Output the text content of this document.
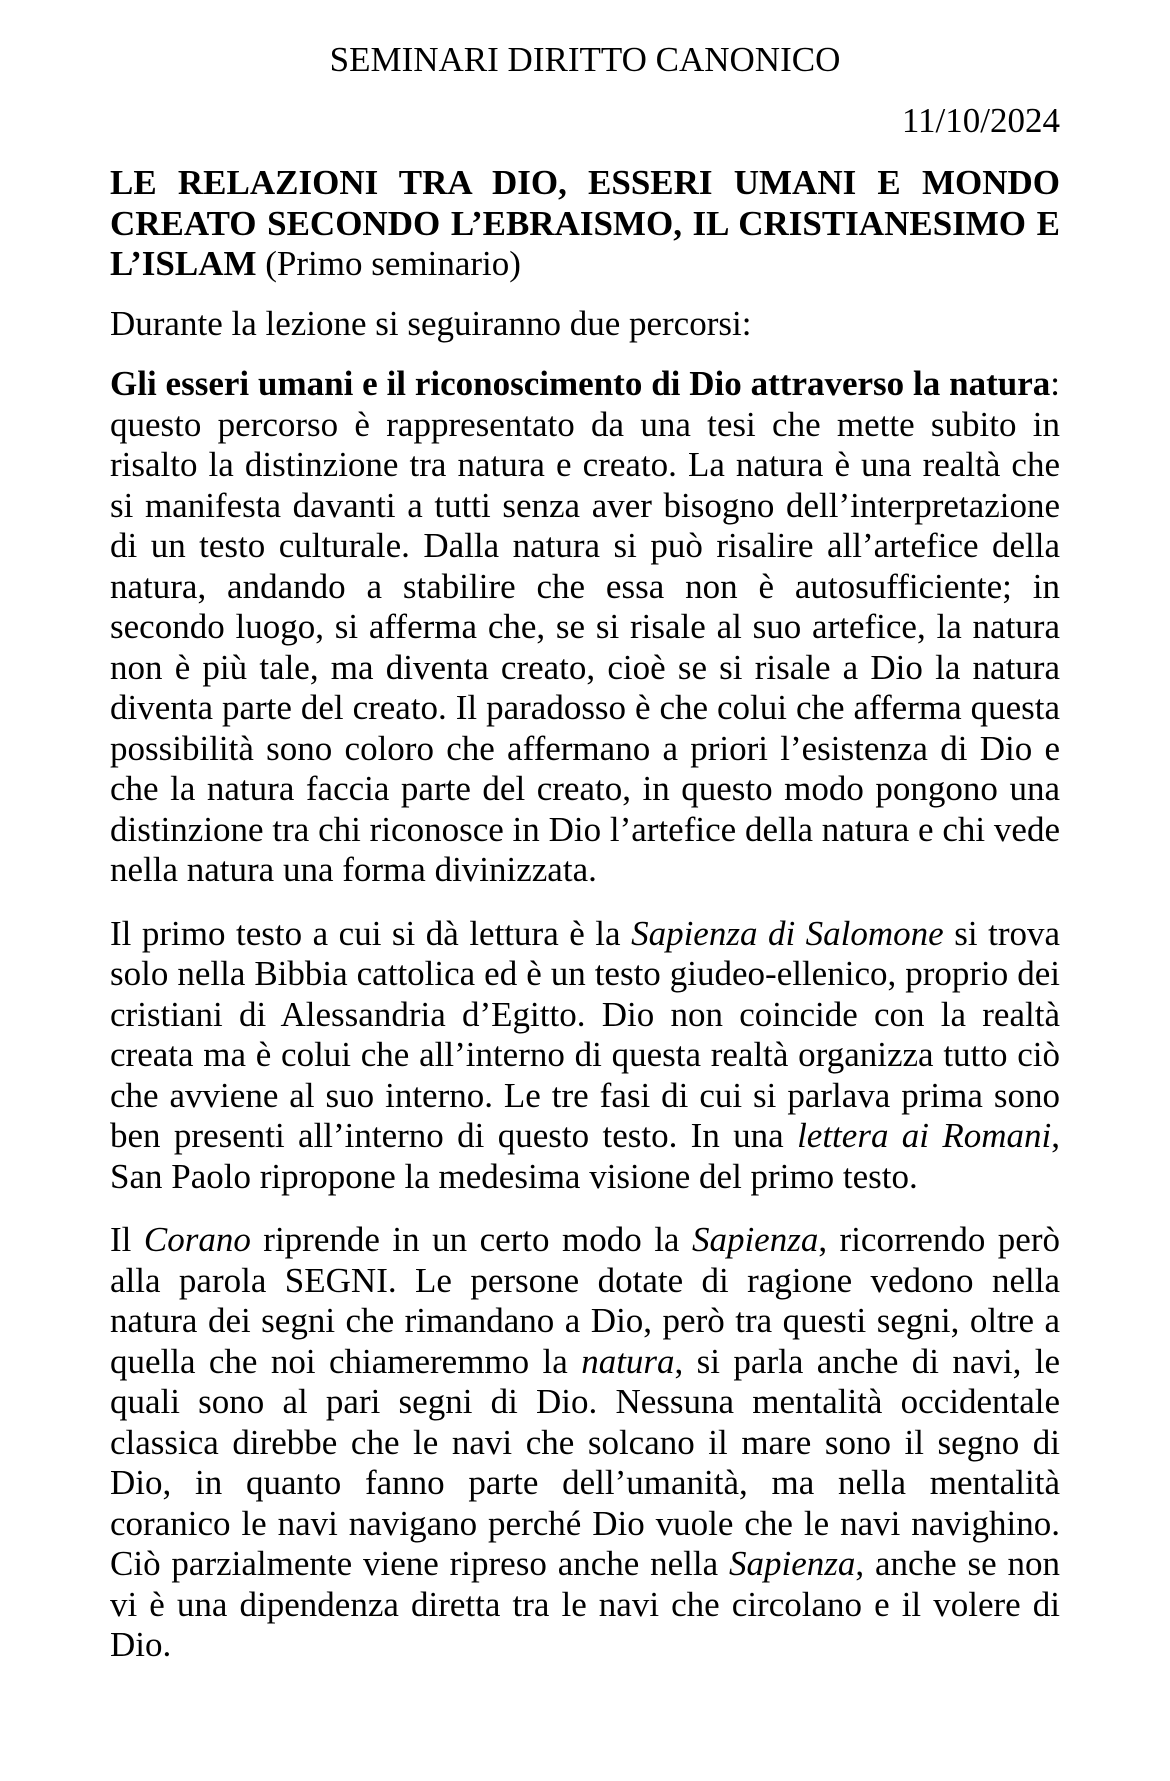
SEMINARI DIRITTO CANONICO
11/10/2024

LE RELAZIONI TRA DIO, ESSERI UMANI E MONDO CREATO SECONDO L’EBRAISMO, IL CRISTIANESIMO E L’ISLAM (Primo seminario)

Durante la lezione si seguiranno due percorsi:

Gli esseri umani e il riconoscimento di Dio attraverso la natura: questo percorso è rappresentato da una tesi che mette subito in risalto la distinzione tra natura e creato. La natura è una realtà che si manifesta davanti a tutti senza aver bisogno dell’interpretazione di un testo culturale. Dalla natura si può risalire all’artefice della natura, andando a stabilire che essa non è autosufficiente; in secondo luogo, si afferma che, se si risale al suo artefice, la natura non è più tale, ma diventa creato, cioè se si risale a Dio la natura diventa parte del creato. Il paradosso è che colui che afferma questa possibilità sono coloro che affermano a priori l’esistenza di Dio e che la natura faccia parte del creato, in questo modo pongono una distinzione tra chi riconosce in Dio l’artefice della natura e chi vede nella natura una forma divinizzata.

Il primo testo a cui si dà lettura è la Sapienza di Salomone si trova solo nella Bibbia cattolica ed è un testo giudeo-ellenico, proprio dei cristiani di Alessandria d’Egitto. Dio non coincide con la realtà creata ma è colui che all’interno di questa realtà organizza tutto ciò che avviene al suo interno. Le tre fasi di cui si parlava prima sono ben presenti all’interno di questo testo. In una lettera ai Romani, San Paolo ripropone la medesima visione del primo testo.

Il Corano riprende in un certo modo la Sapienza, ricorrendo però alla parola SEGNI. Le persone dotate di ragione vedono nella natura dei segni che rimandano a Dio, però tra questi segni, oltre a quella che noi chiameremmo la natura, si parla anche di navi, le quali sono al pari segni di Dio. Nessuna mentalità occidentale classica direbbe che le navi che solcano il mare sono il segno di Dio, in quanto fanno parte dell’umanità, ma nella mentalità coranico le navi navigano perché Dio vuole che le navi navighino. Ciò parzialmente viene ripreso anche nella Sapienza, anche se non vi è una dipendenza diretta tra le navi che circolano e il volere di Dio.
